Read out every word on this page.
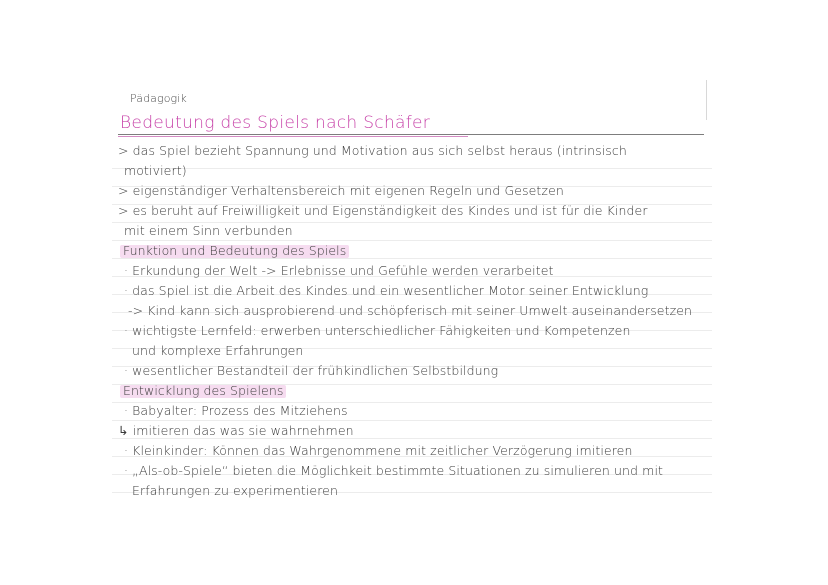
Pädagogik
Bedeutung des Spiels nach Schäfer
> das Spiel bezieht Spannung und Motivation aus sich selbst heraus (intrinsisch
motiviert)
> eigenständiger Verhaltensbereich mit eigenen Regeln und Gesetzen
> es beruht auf Freiwilligkeit und Eigenständigkeit des Kindes und ist für die Kinder
mit einem Sinn verbunden
Funktion und Bedeutung des Spiels
· Erkundung der Welt -> Erlebnisse und Gefühle werden verarbeitet
· das Spiel ist die Arbeit des Kindes und ein wesentlicher Motor seiner Entwicklung
-> Kind kann sich ausprobierend und schöpferisch mit seiner Umwelt auseinandersetzen
· wichtigste Lernfeld: erwerben unterschiedlicher Fähigkeiten und Kompetenzen
und komplexe Erfahrungen
· wesentlicher Bestandteil der frühkindlichen Selbstbildung
Entwicklung des Spielens
· Babyalter: Prozess des Mitziehens
↳ imitieren das was sie wahrnehmen
· Kleinkinder: Können das Wahrgenommene mit zeitlicher Verzögerung imitieren
· „Als-ob-Spiele“ bieten die Möglichkeit bestimmte Situationen zu simulieren und mit
Erfahrungen zu experimentieren
